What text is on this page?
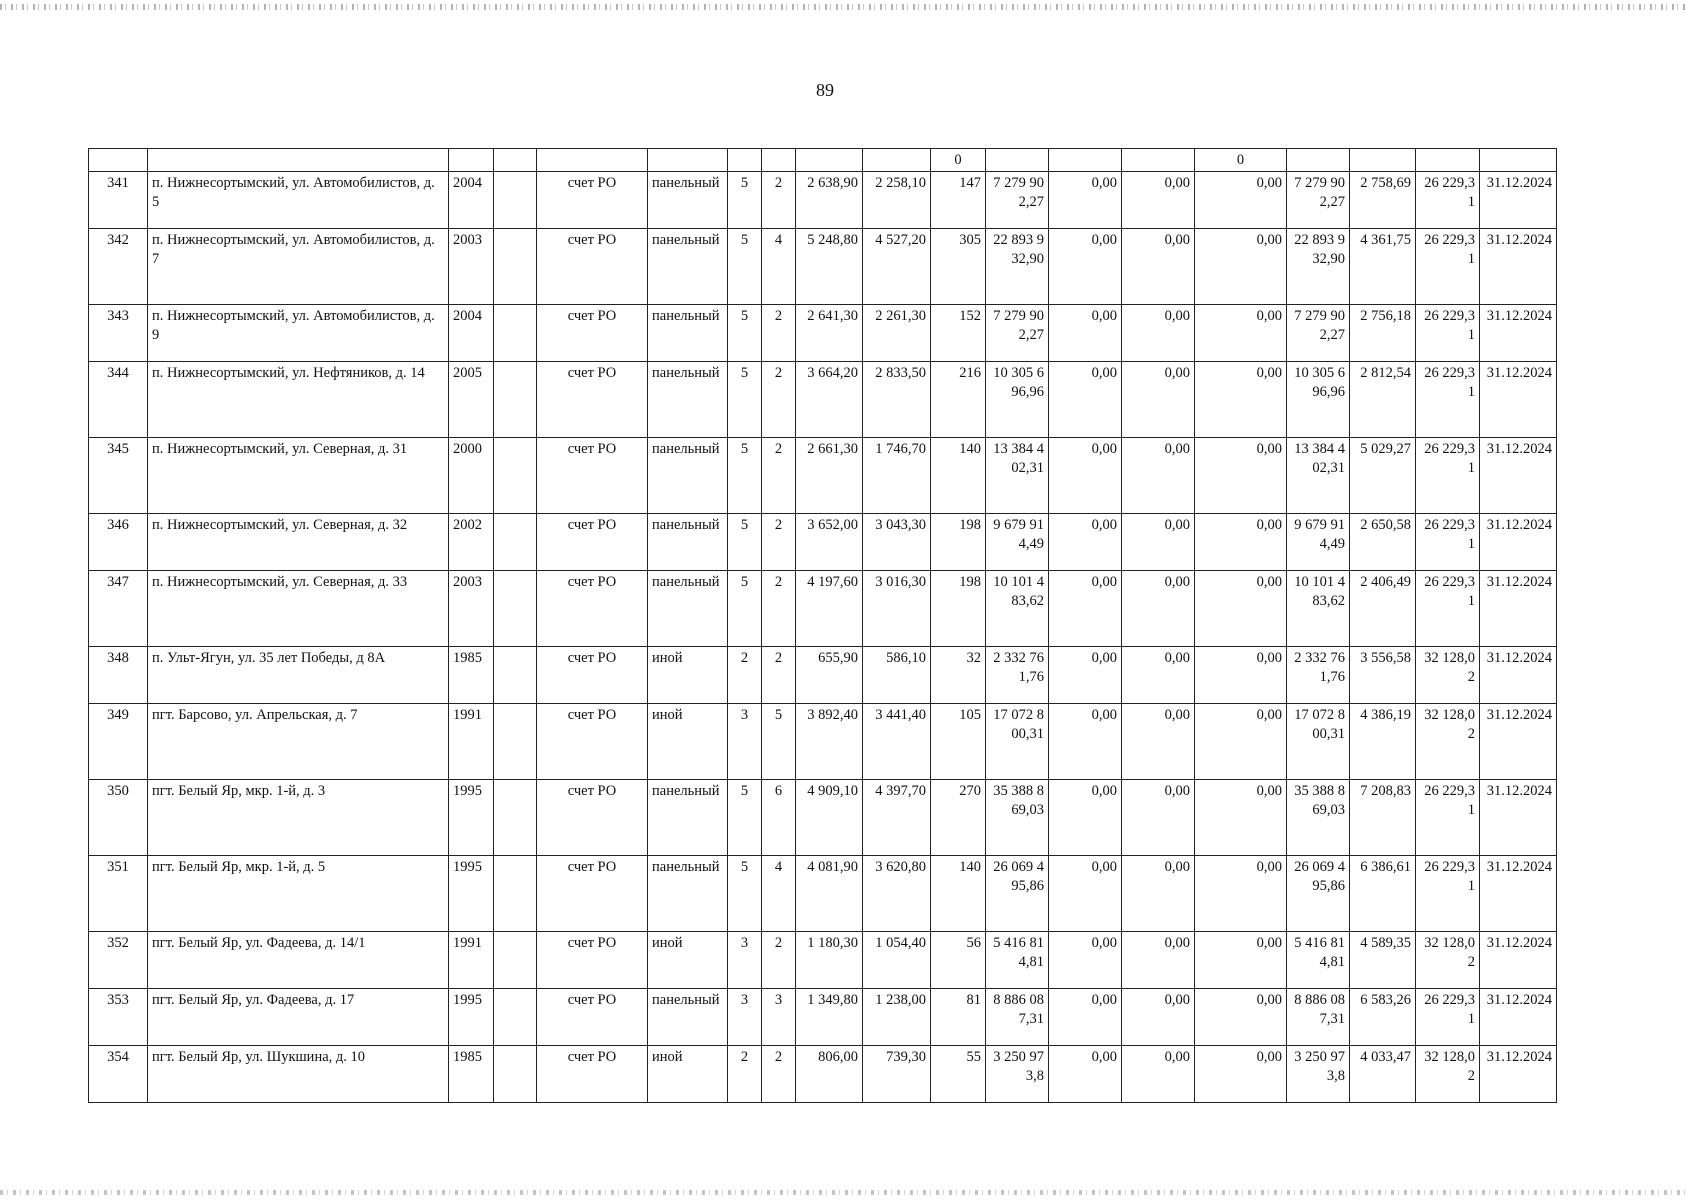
89
										0				0				
341	п. Нижнесортымский, ул. Автомобилистов, д. 5	2004		счет РО	панельный	5	2	2 638,90	2 258,10	147	7 279 902,27	0,00	0,00	0,00	7 279 902,27	2 758,69	26 229,31	31.12.2024
342	п. Нижнесортымский, ул. Автомобилистов, д. 7	2003		счет РО	панельный	5	4	5 248,80	4 527,20	305	22 893 932,90	0,00	0,00	0,00	22 893 932,90	4 361,75	26 229,31	31.12.2024
343	п. Нижнесортымский, ул. Автомобилистов, д. 9	2004		счет РО	панельный	5	2	2 641,30	2 261,30	152	7 279 902,27	0,00	0,00	0,00	7 279 902,27	2 756,18	26 229,31	31.12.2024
344	п. Нижнесортымский, ул. Нефтяников, д. 14	2005		счет РО	панельный	5	2	3 664,20	2 833,50	216	10 305 696,96	0,00	0,00	0,00	10 305 696,96	2 812,54	26 229,31	31.12.2024
345	п. Нижнесортымский, ул. Северная, д. 31	2000		счет РО	панельный	5	2	2 661,30	1 746,70	140	13 384 402,31	0,00	0,00	0,00	13 384 402,31	5 029,27	26 229,31	31.12.2024
346	п. Нижнесортымский, ул. Северная, д. 32	2002		счет РО	панельный	5	2	3 652,00	3 043,30	198	9 679 914,49	0,00	0,00	0,00	9 679 914,49	2 650,58	26 229,31	31.12.2024
347	п. Нижнесортымский, ул. Северная, д. 33	2003		счет РО	панельный	5	2	4 197,60	3 016,30	198	10 101 483,62	0,00	0,00	0,00	10 101 483,62	2 406,49	26 229,31	31.12.2024
348	п. Ульт-Ягун, ул. 35 лет Победы, д 8А	1985		счет РО	иной	2	2	655,90	586,10	32	2 332 761,76	0,00	0,00	0,00	2 332 761,76	3 556,58	32 128,02	31.12.2024
349	пгт. Барсово, ул. Апрельская, д. 7	1991		счет РО	иной	3	5	3 892,40	3 441,40	105	17 072 800,31	0,00	0,00	0,00	17 072 800,31	4 386,19	32 128,02	31.12.2024
350	пгт. Белый Яр, мкр. 1-й, д. 3	1995		счет РО	панельный	5	6	4 909,10	4 397,70	270	35 388 869,03	0,00	0,00	0,00	35 388 869,03	7 208,83	26 229,31	31.12.2024
351	пгт. Белый Яр, мкр. 1-й, д. 5	1995		счет РО	панельный	5	4	4 081,90	3 620,80	140	26 069 495,86	0,00	0,00	0,00	26 069 495,86	6 386,61	26 229,31	31.12.2024
352	пгт. Белый Яр, ул. Фадеева, д. 14/1	1991		счет РО	иной	3	2	1 180,30	1 054,40	56	5 416 814,81	0,00	0,00	0,00	5 416 814,81	4 589,35	32 128,02	31.12.2024
353	пгт. Белый Яр, ул. Фадеева, д. 17	1995		счет РО	панельный	3	3	1 349,80	1 238,00	81	8 886 087,31	0,00	0,00	0,00	8 886 087,31	6 583,26	26 229,31	31.12.2024
354	пгт. Белый Яр, ул. Шукшина, д. 10	1985		счет РО	иной	2	2	806,00	739,30	55	3 250 973,8	0,00	0,00	0,00	3 250 973,8	4 033,47	32 128,02	31.12.2024
